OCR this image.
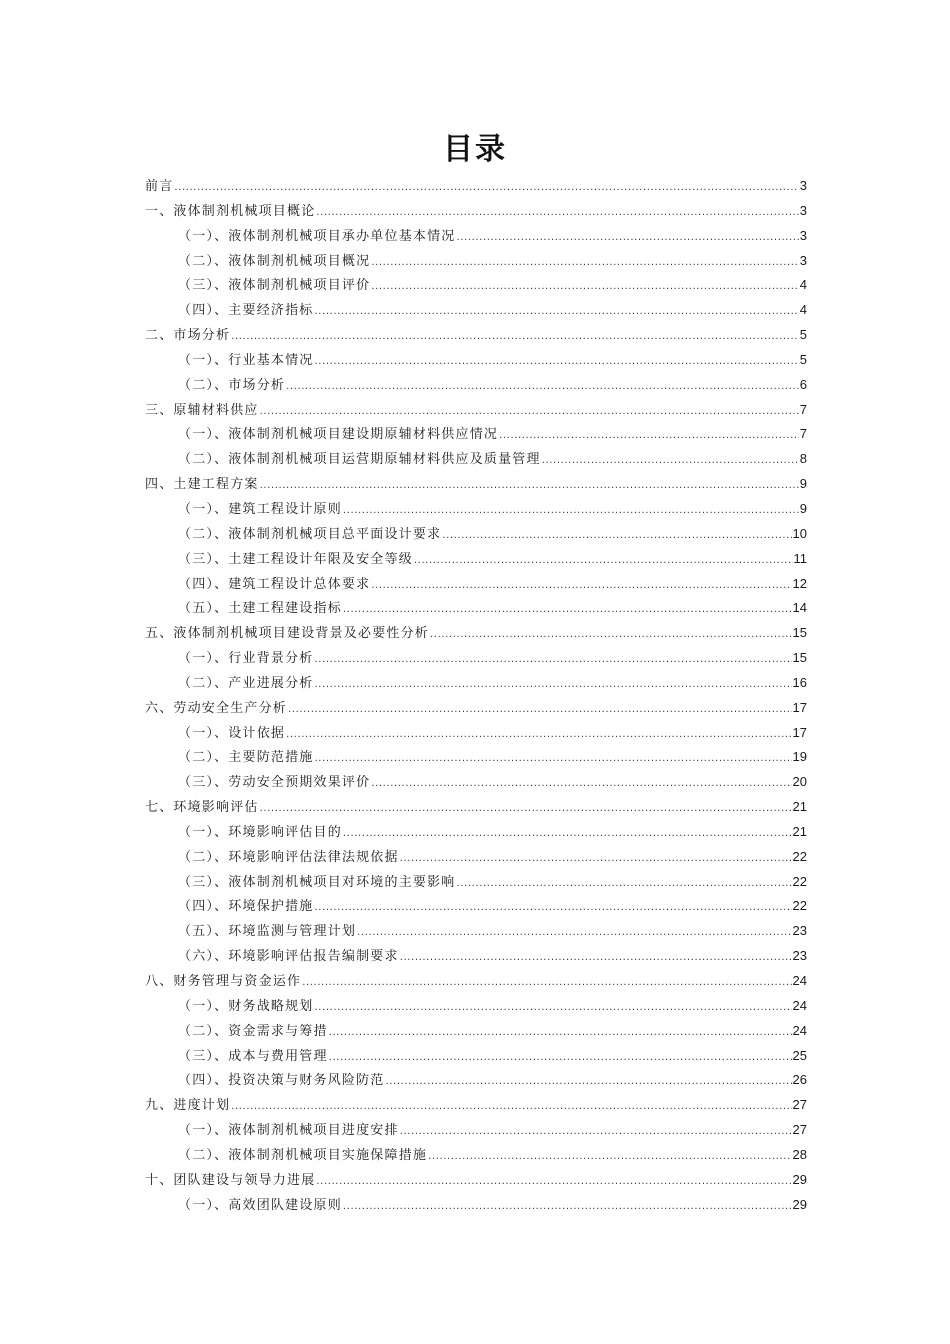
目录
前言 .....	3
一、液体制剂机械项目概论 .....	3
（一）、液体制剂机械项目承办单位基本情况 .....	3
（二）、液体制剂机械项目概况 .....	3
（三）、液体制剂机械项目评价 .....	4
（四）、主要经济指标 .....	4
二、市场分析 .....	5
（一）、行业基本情况 .....	5
（二）、市场分析 .....	6
三、原辅材料供应 .....	7
（一）、液体制剂机械项目建设期原辅材料供应情况 .....	7
（二）、液体制剂机械项目运营期原辅材料供应及质量管理 .....	8
四、土建工程方案 .....	9
（一）、建筑工程设计原则 .....	9
（二）、液体制剂机械项目总平面设计要求 .....	10
（三）、土建工程设计年限及安全等级 .....	11
（四）、建筑工程设计总体要求 .....	12
（五）、土建工程建设指标 .....	14
五、液体制剂机械项目建设背景及必要性分析 .....	15
（一）、行业背景分析 .....	15
（二）、产业进展分析 .....	16
六、劳动安全生产分析 .....	17
（一）、设计依据 .....	17
（二）、主要防范措施 .....	19
（三）、劳动安全预期效果评价 .....	20
七、环境影响评估 .....	21
（一）、环境影响评估目的 .....	21
（二）、环境影响评估法律法规依据 .....	22
（三）、液体制剂机械项目对环境的主要影响 .....	22
（四）、环境保护措施 .....	22
（五）、环境监测与管理计划 .....	23
（六）、环境影响评估报告编制要求 .....	23
八、财务管理与资金运作 .....	24
（一）、财务战略规划 .....	24
（二）、资金需求与筹措 .....	24
（三）、成本与费用管理 .....	25
（四）、投资决策与财务风险防范 .....	26
九、进度计划 .....	27
（一）、液体制剂机械项目进度安排 .....	27
（二）、液体制剂机械项目实施保障措施 .....	28
十、团队建设与领导力进展 .....	29
（一）、高效团队建设原则 .....	29
